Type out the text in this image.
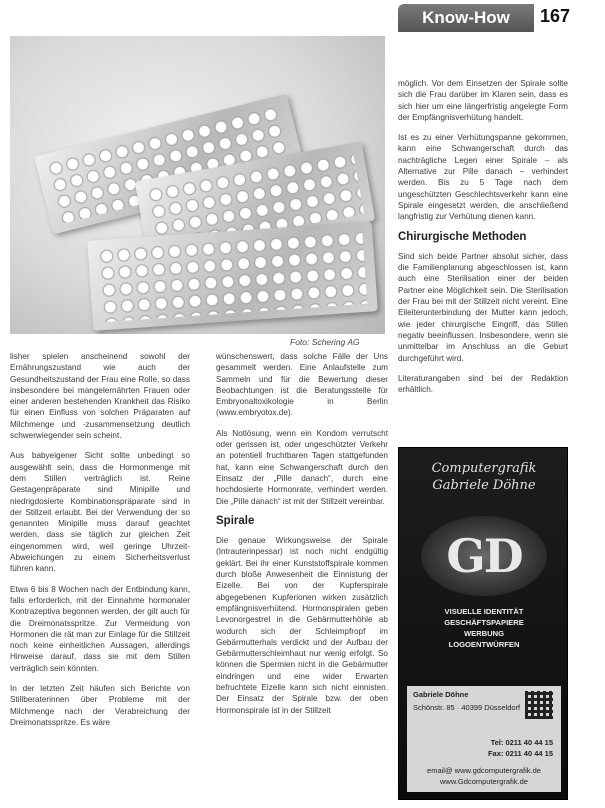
Know-How	167
Foto: Schering AG

lisher spielen anscheinend sowohl der Ernährungszustand wie auch der Gesundheitszustand der Frau eine Rolle, so dass insbesondere bei mangelernährten Frauen oder einer anderen bestehenden Krankheit das Risiko für einen Einfluss von solchen Präparaten auf Milchmenge und -zusammensetzung deutlich schwerwiegender sein scheint.

Aus babyeigener Sicht sollte unbedingt so ausgewählt sein, dass die Hormonmenge mit dem Stillen verträglich ist. Reine Gestagenpräparate sind Minipille und niedrigdosierte Kombinationspräparate sind in der Stillzeit erlaubt. Bei der Verwendung der so genannten Minipille muss darauf geachtet werden, dass sie täglich zur gleichen Zeit eingenommen wird, weil geringe Uhrzeit-Abweichungen zu einem Sicherheitsverlust führen kann.

Etwa 6 bis 8 Wochen nach der Entbindung kann, falls erforderlich, mit der Einnahme hormonaler Kontrazeptiva begonnen werden, der gilt auch für die Dreimonatsspritze. Zur Vermeidung von Hormonen die rät man zur Einlage für die Stillzeit noch keine einheitlichen Aussagen, allerdings Hinweise darauf, dass sie mit dem Stillen verträglich sein könnten.

In der letzten Zeit häufen sich Berichte von Stillberaterinnen über Probleme mit der Milchmenge nach der Verabreichung der Dreimonatsspritze. Es wäre

wünschenswert, dass solche Fälle der Uns gesammelt werden. Eine Anlaufstelle zum Sammeln und für die Bewertung dieser Beobachtungen ist die Beratungsstelle für Embryonaltoxikologie in Berlin (www.embryotox.de).

Als Notlösung, wenn ein Kondom verrutscht oder gerissen ist, oder ungeschützter Verkehr an potentiell fruchtbaren Tagen stattgefunden hat, kann eine Schwangerschaft durch den Einsatz der „Pille danach“, durch eine hochdosierte Hormonrate, verhindert werden. Die „Pille danach“ ist mit der Stillzeit vereinbar.

Spirale

Die genaue Wirkungsweise der Spirale (Intrauterinpessar) ist noch nicht endgültig geklärt. Bei ihr einer Kunststoffspirale kommen durch bloße Anwesenheit die Einnistung der Eizelle. Bei von der Kupferspirale abgegebenen Kupferionen wirken zusätzlich empfängnisverhütend. Hormonspiralen geben Levonorgestrel in die Gebärmutterhöhle ab wodurch sich der Schleimpfropf im Gebärmutterhals verdickt und der Aufbau der Gebärmutterschleimhaut nur wenig erfolgt. So können die Spermien nicht in die Gebärmutter eindringen und eine wider Erwarten befruchtete Eizelle kann sich nicht einnisten. Der Einsatz der Spirale bzw. der oben Hormonspirale ist in der Stillzeit

möglich. Vor dem Einsetzen der Spirale sollte sich die Frau darüber im Klaren sein, dass es sich hier um eine längerfristig angelegte Form der Empfängnisverhütung handelt.

Ist es zu einer Verhütungspanne gekommen, kann eine Schwangerschaft durch das nachträgliche Legen einer Spirale – als Alternative zur Pille danach – verhindert werden. Bis zu 5 Tage nach dem ungeschützten Geschlechtsverkehr kann eine Spirale eingesetzt werden, die anschließend langfristig zur Verhütung dienen kann.

Chirurgische Methoden

Sind sich beide Partner absolut sicher, dass die Familienplanung abgeschlossen ist, kann auch eine Sterilisation einer der beiden Partner eine Möglichkeit sein. Die Sterilisation der Frau bei mit der Stillzeit nicht vereint. Eine Eileiterunterbindung der Mutter kann jedoch, wie jeder chirurgische Eingriff, das Stillen negativ beeinflussen. Insbesondere, wenn sie unmittelbar im Anschluss an die Geburt durchgeführt wird.

Literaturangaben sind bei der Redaktion erhältlich.

Computergrafik
Gabriele Döhne
GD
VISUELLE IDENTITÄT
GESCHÄFTSPAPIERE
WERBUNG
LOGOENTWÜRFEN
Gabriele Döhne
Schönstr. 85 · 40399 Düsseldorf
Tel: 0211 40 44 15
Fax: 0211 40 44 15
email@ www.gdcomputergrafik.de
www.Gdcomputergrafik.de
